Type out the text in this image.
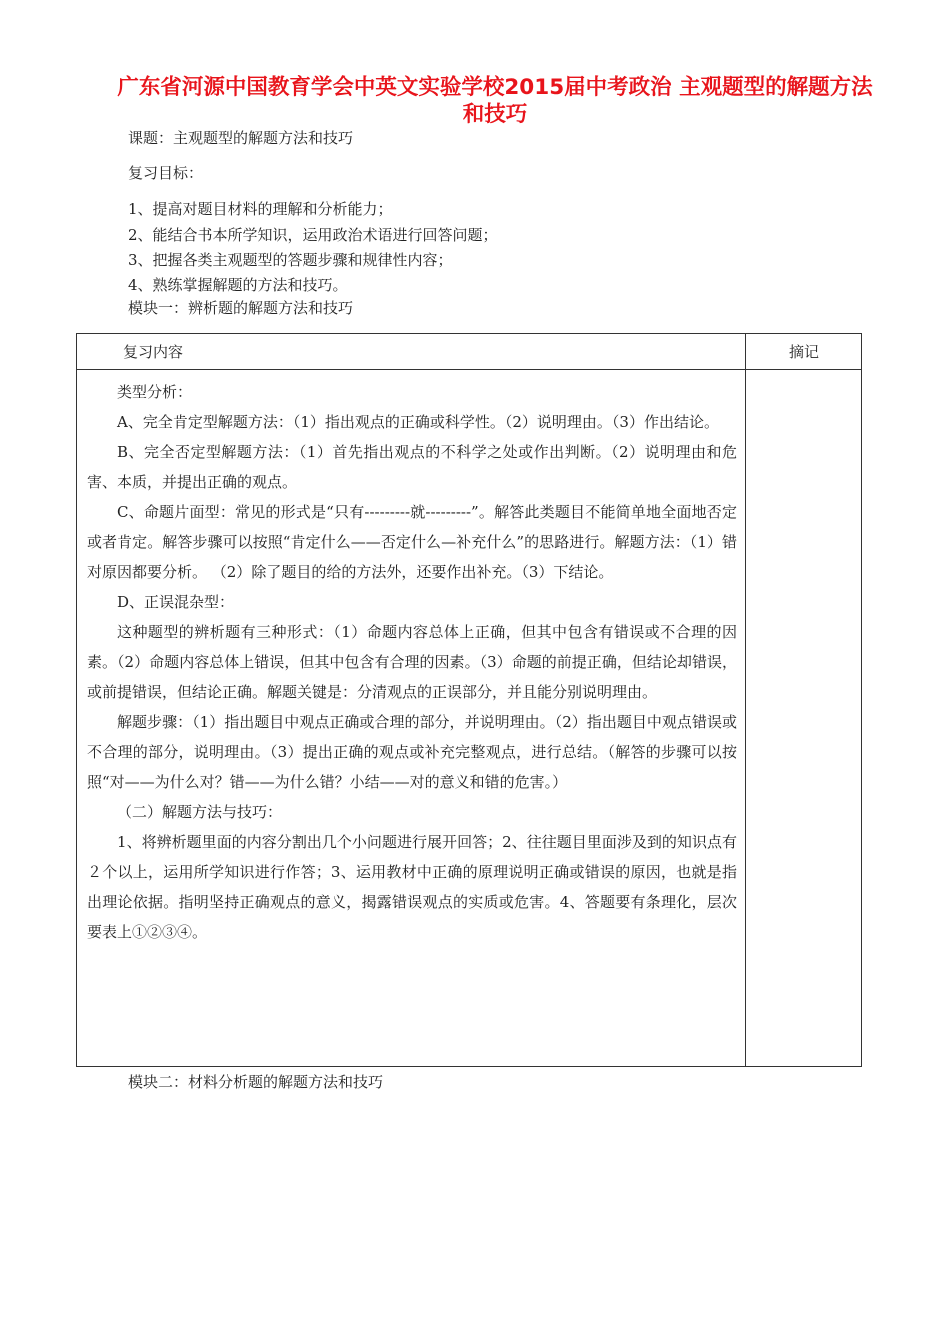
广东省河源中国教育学会中英文实验学校2015届中考政治 主观题型的解题方法和技巧
课题：主观题型的解题方法和技巧
复习目标：
1、提高对题目材料的理解和分析能力；
2、能结合书本所学知识，运用政治术语进行回答问题；
3、把握各类主观题型的答题步骤和规律性内容；
4、熟练掌握解题的方法和技巧。
模块一：辨析题的解题方法和技巧
复习内容	摘记

类型分析：

A、完全肯定型解题方法：（1）指出观点的正确或科学性。（2）说明理由。（3）作出结论。

B、完全否定型解题方法：（1）首先指出观点的不科学之处或作出判断。（2）说明理由和危害、本质，并提出正确的观点。

C、命题片面型：常见的形式是“只有---------就---------”。解答此类题目不能简单地全面地否定或者肯定。解答步骤可以按照“肯定什么——否定什么—补充什么”的思路进行。解题方法：（1）错对原因都要分析。 （2）除了题目的给的方法外，还要作出补充。（3）下结论。

D、正误混杂型：

这种题型的辨析题有三种形式：（1）命题内容总体上正确，但其中包含有错误或不合理的因素。（2）命题内容总体上错误，但其中包含有合理的因素。（3）命题的前提正确，但结论却错误，或前提错误，但结论正确。解题关键是：分清观点的正误部分，并且能分别说明理由。

解题步骤：（1）指出题目中观点正确或合理的部分，并说明理由。（2）指出题目中观点错误或不合理的部分，说明理由。（3）提出正确的观点或补充完整观点，进行总结。（解答的步骤可以按照“对——为什么对？错——为什么错？小结——对的意义和错的危害。）

（二）解题方法与技巧：

1、将辨析题里面的内容分割出几个小问题进行展开回答；2、往往题目里面涉及到的知识点有２个以上，运用所学知识进行作答；3、运用教材中正确的原理说明正确或错误的原因，也就是指出理论依据。指明坚持正确观点的意义，揭露错误观点的实质或危害。4、答题要有条理化，层次要表上①②③④。

模块二：材料分析题的解题方法和技巧
